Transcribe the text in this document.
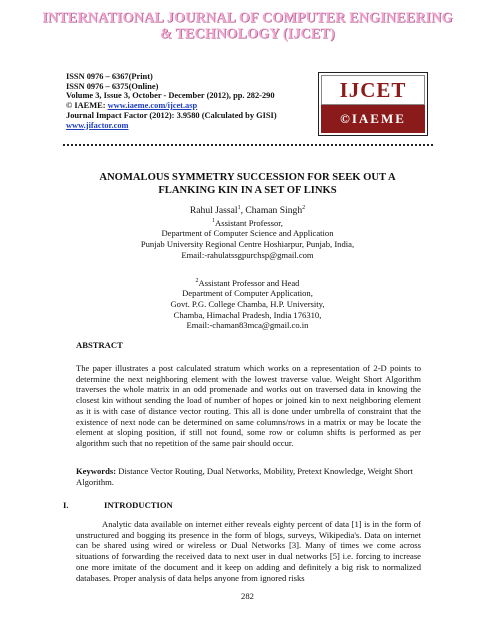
INTERNATIONAL JOURNAL OF COMPUTER ENGINEERING
& TECHNOLOGY (IJCET)
ISSN 0976 – 6367(Print)
ISSN 0976 – 6375(Online)
Volume 3, Issue 3, October - December (2012), pp. 282-290
© IAEME: www.iaeme.com/ijcet.asp
Journal Impact Factor (2012): 3.9580 (Calculated by GISI)
www.jifactor.com
IJCET
©IAEME
ANOMALOUS SYMMETRY SUCCESSION FOR SEEK OUT A
FLANKING KIN IN A SET OF LINKS
Rahul Jassal$^1$, Chaman Singh$^2$
$^1$Assistant Professor,
Department of Computer Science and Application
Punjab University Regional Centre Hoshiarpur, Punjab, India,
Email:-rahulatssgpurchsp@gmail.com
$^2$Assistant Professor and Head
Department of Computer Application,
Govt. P.G. College Chamba, H.P. University,
Chamba, Himachal Pradesh, India 176310,
Email:-chaman83mca@gmail.co.in
ABSTRACT
The paper illustrates a post calculated stratum which works on a representation of 2-D points to determine the next neighboring element with the lowest traverse value. Weight Short Algorithm traverses the whole matrix in an odd promenade and works out on traversed data in knowing the closest kin without sending the load of number of hopes or joined kin to next neighboring element as it is with case of distance vector routing. This all is done under umbrella of constraint that the existence of next node can be determined on same columns/rows in a matrix or may be locate the element at sloping position, if still not found, some row or column shifts is performed as per algorithm such that no repetition of the same pair should occur.
Keywords: Distance Vector Routing, Dual Networks, Mobility, Pretext Knowledge, Weight Short Algorithm.
I.	INTRODUCTION
Analytic data available on internet either reveals eighty percent of data [1] is in the form of unstructured and bogging its presence in the form of blogs, surveys, Wikipedia's. Data on internet can be shared using wired or wireless or Dual Networks [3]. Many of times we come across situations of forwarding the received data to next user in dual networks [5] i.e. forcing to increase one more imitate of the document and it keep on adding and definitely a big risk to normalized databases. Proper analysis of data helps anyone from ignored risks
282
